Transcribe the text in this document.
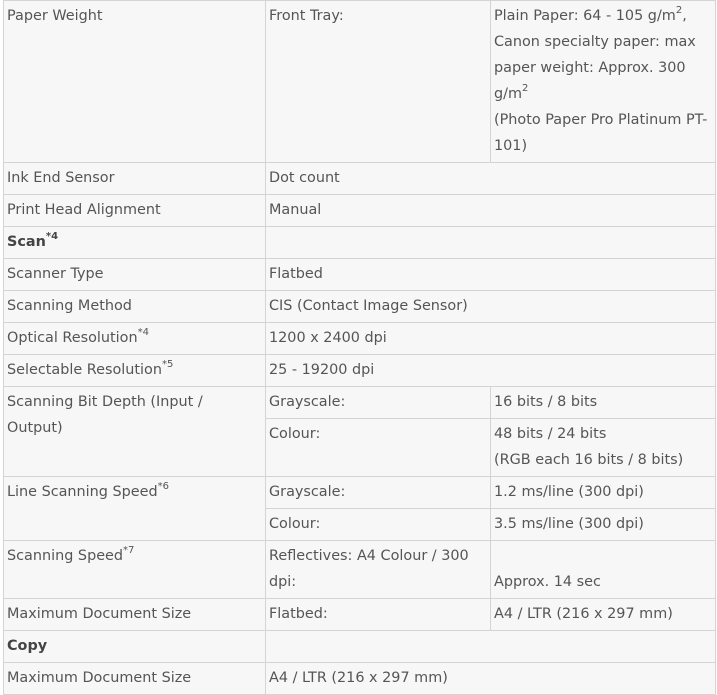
Paper Weight	Front Tray:	Plain Paper: 64 - 105 $g/m^2$,
Canon specialty paper: max paper weight: Approx. 300 $g/m^2$
(Photo Paper Pro Platinum PT-101)

Ink End Sensor	Dot count	
Print Head Alignment	Manual	
Scan$^{*4}$	
Scanner Type	Flatbed	
Scanning Method	CIS (Contact Image Sensor)	
Optical Resolution$^{*4}$	1200 x 2400 dpi	
Selectable Resolution$^{*5}$	25 - 19200 dpi	
Scanning Bit Depth (Input / Output)	Grayscale:	16 bits / 8 bits
	Colour:	48 bits / 24 bits
(RGB each 16 bits / 8 bits)

Line Scanning Speed$^{*6}$	Grayscale:	1.2 ms/line (300 dpi)
	Colour:	3.5 ms/line (300 dpi)
Scanning Speed$^{*7}$	Reflectives: A4 Colour / 300 dpi:	Approx. 14 sec
Maximum Document Size	Flatbed:	A4 / LTR (216 x 297 mm)
Copy		
Maximum Document Size	A4 / LTR (216 x 297 mm)	
